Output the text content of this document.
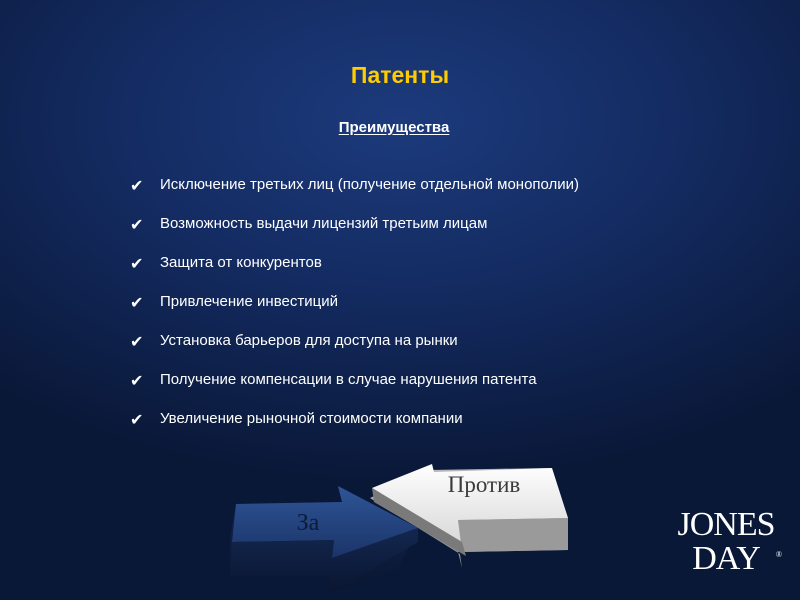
Патенты
Преимущества
✔	Исключение третьих лиц (получение отдельной монополии)
✔	Возможность выдачи лицензий третьим лицам
✔	Защита от конкурентов
✔	Привлечение инвестиций
✔	Установка барьеров для доступа на рынки
✔	Получение компенсации в случае нарушения патента
✔	Увеличение рыночной стоимости компании
Против
За	JONES
DAY	®
